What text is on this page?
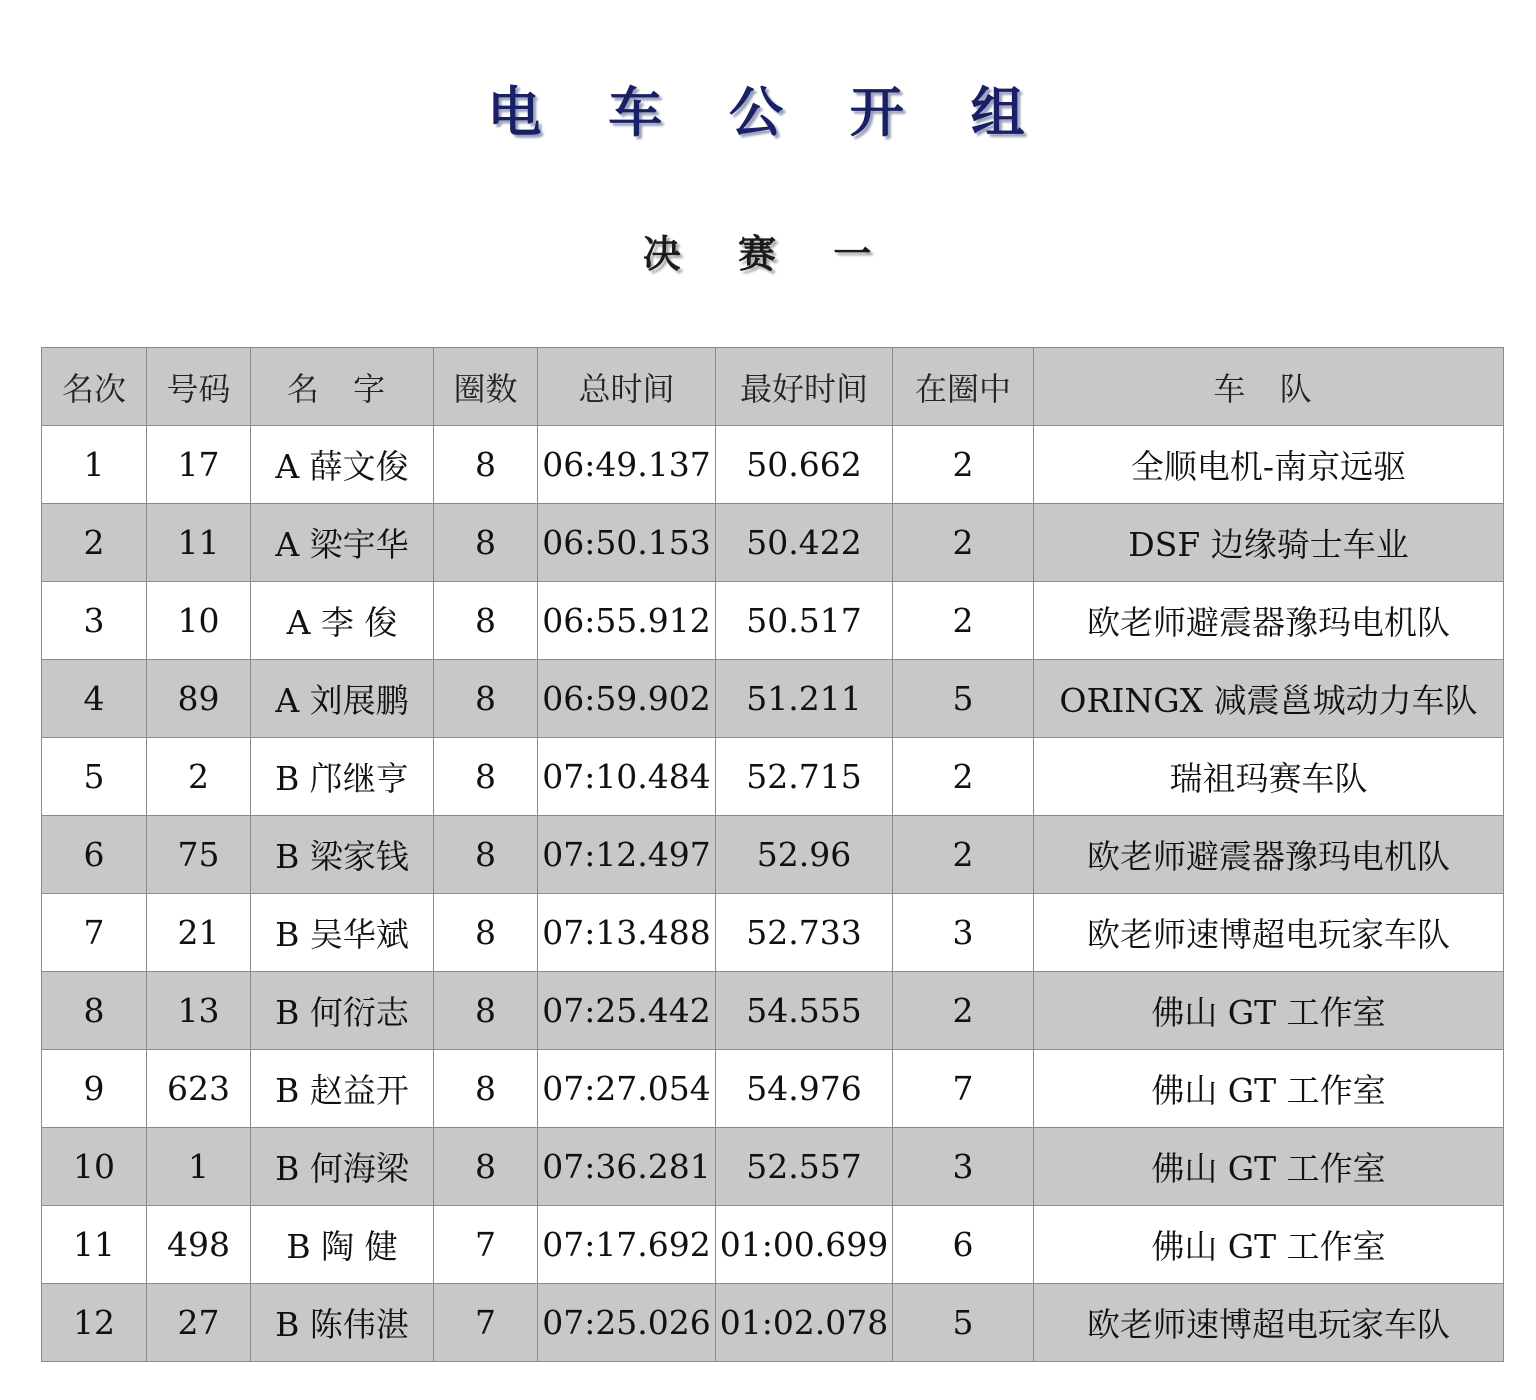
电 车 公 开 组
决 赛 一
名次	号码	名 字	圈数	总时间	最好时间	在圈中	车 队
1	17	A 薛文俊	8	06:49.137	50.662	2	全顺电机-南京远驱
2	11	A 梁宇华	8	06:50.153	50.422	2	DSF 边缘骑士车业
3	10	A 李 俊	8	06:55.912	50.517	2	欧老师避震器豫玛电机队
4	89	A 刘展鹏	8	06:59.902	51.211	5	ORINGX 减震邕城动力车队
5	2	B 邝继亨	8	07:10.484	52.715	2	瑞祖玛赛车队
6	75	B 梁家钱	8	07:12.497	52.96	2	欧老师避震器豫玛电机队
7	21	B 吴华斌	8	07:13.488	52.733	3	欧老师速博超电玩家车队
8	13	B 何衍志	8	07:25.442	54.555	2	佛山 GT 工作室
9	623	B 赵益开	8	07:27.054	54.976	7	佛山 GT 工作室
10	1	B 何海梁	8	07:36.281	52.557	3	佛山 GT 工作室
11	498	B 陶 健	7	07:17.692	01:00.699	6	佛山 GT 工作室
12	27	B 陈伟湛	7	07:25.026	01:02.078	5	欧老师速博超电玩家车队
